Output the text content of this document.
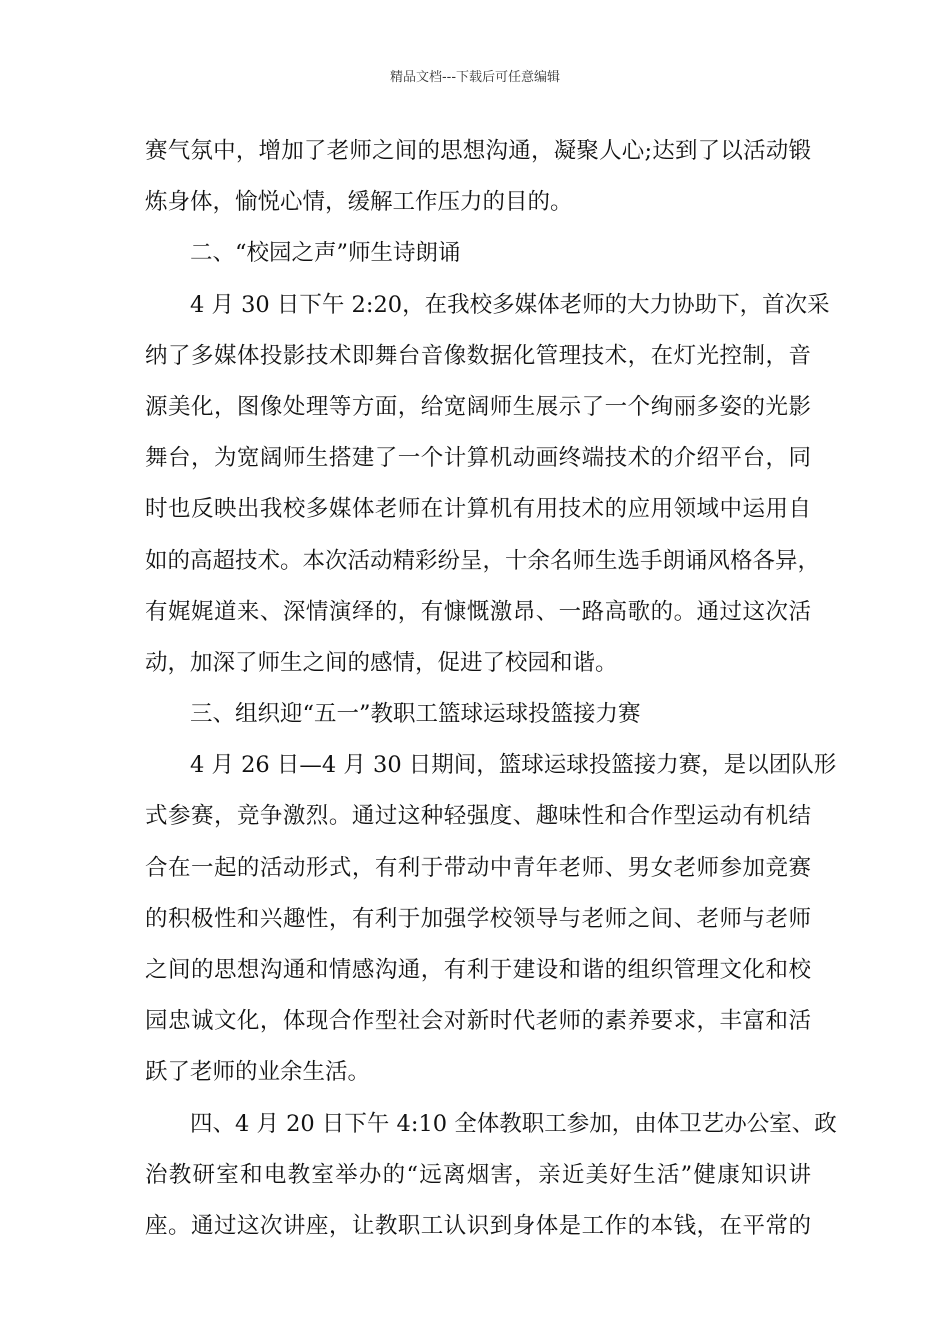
精品文档---下载后可任意编辑
赛气氛中，增加了老师之间的思想沟通，凝聚人心;达到了以活动锻
炼身体，愉悦心情，缓解工作压力的目的。
二、“校园之声”师生诗朗诵
4 月 30 日下午 2:20，在我校多媒体老师的大力协助下，首次采
纳了多媒体投影技术即舞台音像数据化管理技术，在灯光控制，音
源美化，图像处理等方面，给宽阔师生展示了一个绚丽多姿的光影
舞台，为宽阔师生搭建了一个计算机动画终端技术的介绍平台，同
时也反映出我校多媒体老师在计算机有用技术的应用领域中运用自
如的高超技术。本次活动精彩纷呈，十余名师生选手朗诵风格各异，
有娓娓道来、深情演绎的，有慷慨激昂、一路高歌的。通过这次活
动，加深了师生之间的感情，促进了校园和谐。
三、组织迎“五一”教职工篮球运球投篮接力赛
4 月 26 日—4 月 30 日期间，篮球运球投篮接力赛，是以团队形
式参赛，竞争激烈。通过这种轻强度、趣味性和合作型运动有机结
合在一起的活动形式，有利于带动中青年老师、男女老师参加竞赛
的积极性和兴趣性，有利于加强学校领导与老师之间、老师与老师
之间的思想沟通和情感沟通，有利于建设和谐的组织管理文化和校
园忠诚文化，体现合作型社会对新时代老师的素养要求，丰富和活
跃了老师的业余生活。
四、4 月 20 日下午 4:10 全体教职工参加，由体卫艺办公室、政
治教研室和电教室举办的“远离烟害，亲近美好生活”健康知识讲
座。通过这次讲座，让教职工认识到身体是工作的本钱，在平常的
